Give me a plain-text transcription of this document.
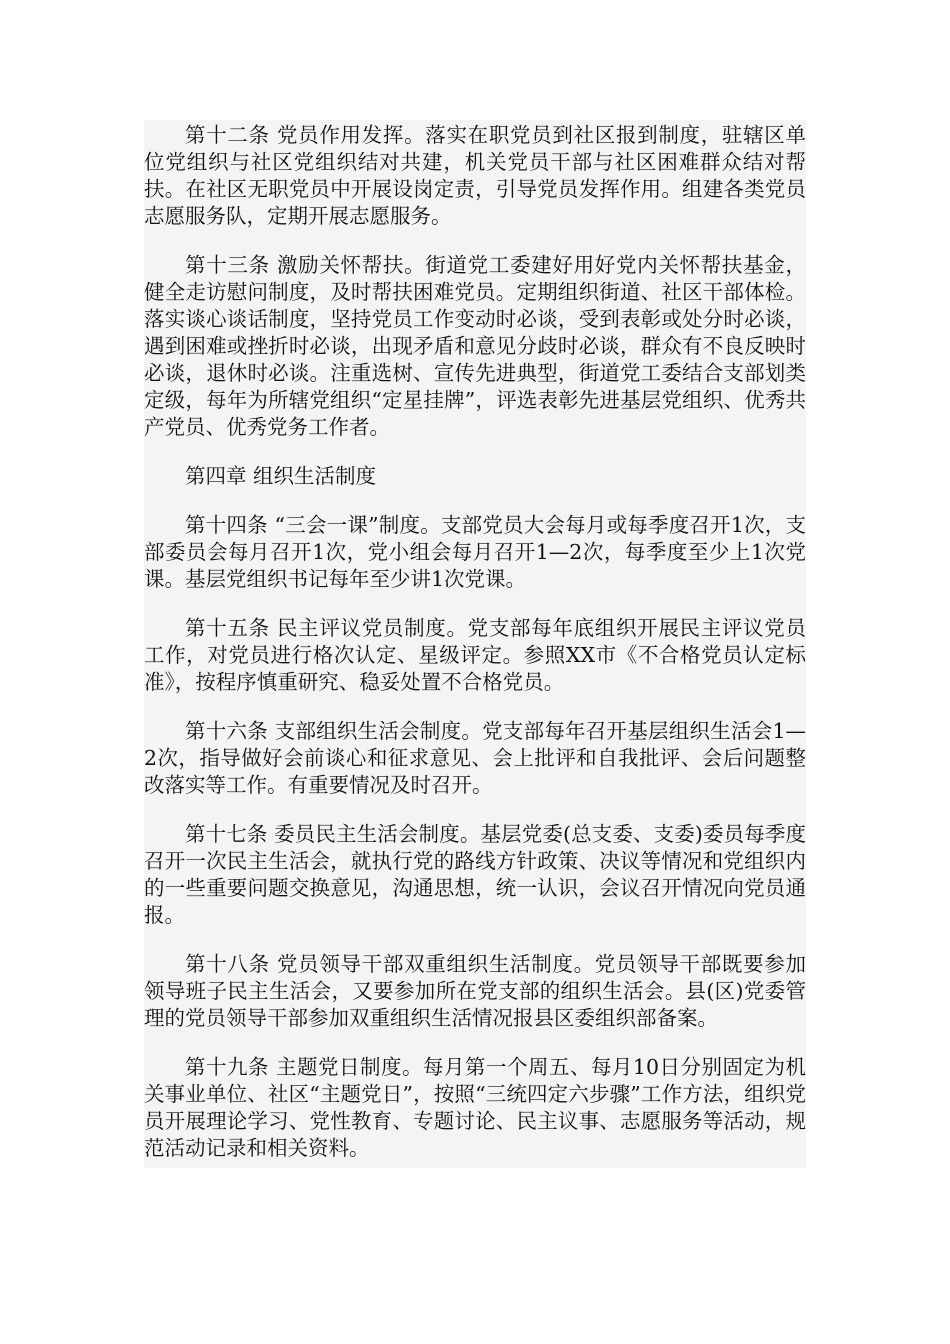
第十二条 党员作用发挥。落实在职党员到社区报到制度，驻辖区单位党组织与社区党组织结对共建，机关党员干部与社区困难群众结对帮扶。在社区无职党员中开展设岗定责，引导党员发挥作用。组建各类党员志愿服务队，定期开展志愿服务。

第十三条 激励关怀帮扶。街道党工委建好用好党内关怀帮扶基金，健全走访慰问制度，及时帮扶困难党员。定期组织街道、社区干部体检。落实谈心谈话制度，坚持党员工作变动时必谈，受到表彰或处分时必谈，遇到困难或挫折时必谈，出现矛盾和意见分歧时必谈，群众有不良反映时必谈，退休时必谈。注重选树、宣传先进典型，街道党工委结合支部划类定级，每年为所辖党组织“定星挂牌”，评选表彰先进基层党组织、优秀共产党员、优秀党务工作者。

第四章 组织生活制度

第十四条 “三会一课”制度。支部党员大会每月或每季度召开1次，支部委员会每月召开1次，党小组会每月召开1—2次，每季度至少上1次党课。基层党组织书记每年至少讲1次党课。

第十五条 民主评议党员制度。党支部每年底组织开展民主评议党员工作，对党员进行格次认定、星级评定。参照XX市《不合格党员认定标准》，按程序慎重研究、稳妥处置不合格党员。

第十六条 支部组织生活会制度。党支部每年召开基层组织生活会1—2次，指导做好会前谈心和征求意见、会上批评和自我批评、会后问题整改落实等工作。有重要情况及时召开。

第十七条 委员民主生活会制度。基层党委(总支委、支委)委员每季度召开一次民主生活会，就执行党的路线方针政策、决议等情况和党组织内的一些重要问题交换意见，沟通思想，统一认识，会议召开情况向党员通报。

第十八条 党员领导干部双重组织生活制度。党员领导干部既要参加领导班子民主生活会，又要参加所在党支部的组织生活会。县(区)党委管理的党员领导干部参加双重组织生活情况报县区委组织部备案。

第十九条 主题党日制度。每月第一个周五、每月10日分别固定为机关事业单位、社区“主题党日”，按照“三统四定六步骤”工作方法，组织党员开展理论学习、党性教育、专题讨论、民主议事、志愿服务等活动，规范活动记录和相关资料。
